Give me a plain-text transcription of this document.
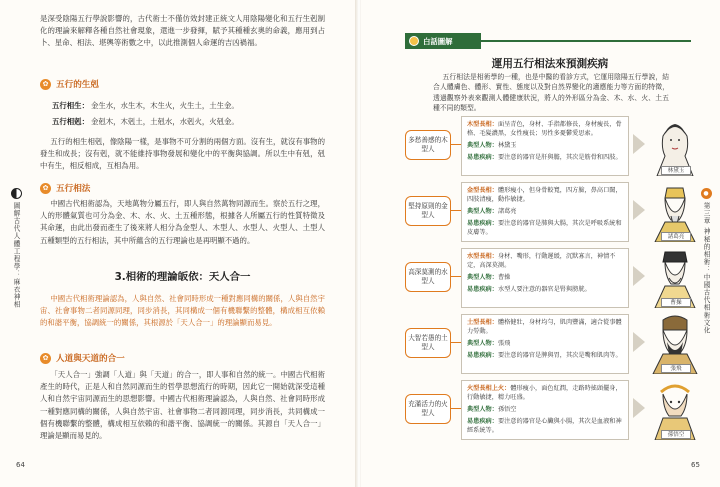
是深受陰陽五行學說影響的，古代術士不僅仿效封建正統文人用陰陽變化和五行生剋制化的理論來解釋各種自然社會現象，還進一步發揮，賦予其種種玄奧的命義，應用到占卜、星命、相法、堪輿等術數之中，以此推測個人命運的吉凶禍福。

✿ 五行的生剋
五行相生： 金生水，水生木，木生火，火生土，土生金。
五行相剋： 金剋木，木剋土，土剋水，水剋火，火剋金。

五行的相生相剋，像陰陽一樣，是事物不可分割的兩個方面。沒有生，就沒有事物的發生和成長；沒有剋，就不能維持事物發展和變化中的平衡與協調。所以生中有剋，剋中有生，相反相成，互相為用。

✿ 五行相法

中國古代相術認為，天地萬物分屬五行，即人與自然萬物同源而生。察於五行之理，人的形體氣質也可分為金、木、水、火、土五種形態，根據各人所屬五行的性質特徵及其命運，由此出發而產生了後來將人相分為金型人、木型人、水型人、火型人、土型人五種類型的五行相法，其中所蘊含的五行理論也是再明顯不過的。

3.相術的理論皈依：天人合一
中國古代相術理論認為，人與自然、社會同時形成一種對應同構的關係，人與自然宇宙、社會事物二者同源同理，同步消長，其同構成一個有機聯繫的整體，構成相互依賴的和諧平衡，協調統一的關係，其根源於「天人合一」的理論顯而易見。
✿ 人道與天道的合一

「天人合一」強調「人道」與「天道」的合一，即人事和自然的統一。中國古代相術產生的時代，正是人和自然同源而生的哲學思想流行的時期，因此它一開始就深受這種人和自然宇宙同源而生的思想影響。中國古代相術理論認為，人與自然、社會同時形成一種對應同構的關係，人與自然宇宙、社會事物二者同源同理，同步消長，共同構成一個有機聯繫的整體，構成相互依賴的和諧平衡、協調統一的關係。其源自「天人合一」理論是顯而易見的。

圖解古代人體工程學：麻衣神相
64
白話圖解
運用五行相法來預測疾病
五行相法是相術學的一種，也是中醫的看診方式，它運用陰陽五行學說，結合人體膚色、體形、實性、態度以及對自然界變化的適應能力等方面的特徵，透過觀察外表來觀測人體健康狀況，將人的外形區分為金、木、水、火、土五種不同的類型。
多愁善感的木型人
木型長相：面呈青色，身材、手指都修長，身材瘦長，骨格、毛髮濃黑，女性瘦長；男性多憂鬱愛思索。
典型人物：林黛玉
易患疾病：要注意的器官是肝與膽，其次是筋骨和四肢。
林黛玉
堅持原則的金型人
金型長相：體形瘦小，但身骨較寬，四方臉，鼻高口闊，四肢清瘦，動作敏捷。
典型人物：諸葛亮
易患疾病：要注意的器官是肺與大腸，其次是呼吸系統和皮膚等。
諸葛亮
高深莫測的水型人
水型長相：身材、嘴形，行動遲緩，沉默寡言，神情不定，高深莫測。
典型人物：曹操
易患疾病：水型人要注意的器官是腎與膀胱。
曹操
大智若愚的土型人
土型長相：體格健壯，身材均勻，肌肉豐滿，適合從事體力勞動。
典型人物：張飛
易患疾病：要注意的器官是脾與胃，其次是嘴和肌肉等。
張飛
充滿活力的火型人
火型長相上火：體形瘦小，面色紅潤，走路時搖頭擺身，行動敏捷，精力旺盛。
典型人物：孫悟空
易患疾病：要注意的器官是心臟與小腸，其次是血液和神經系統等。
孫悟空
●
第三章 神秘的相術：中國古代相術文化
65
